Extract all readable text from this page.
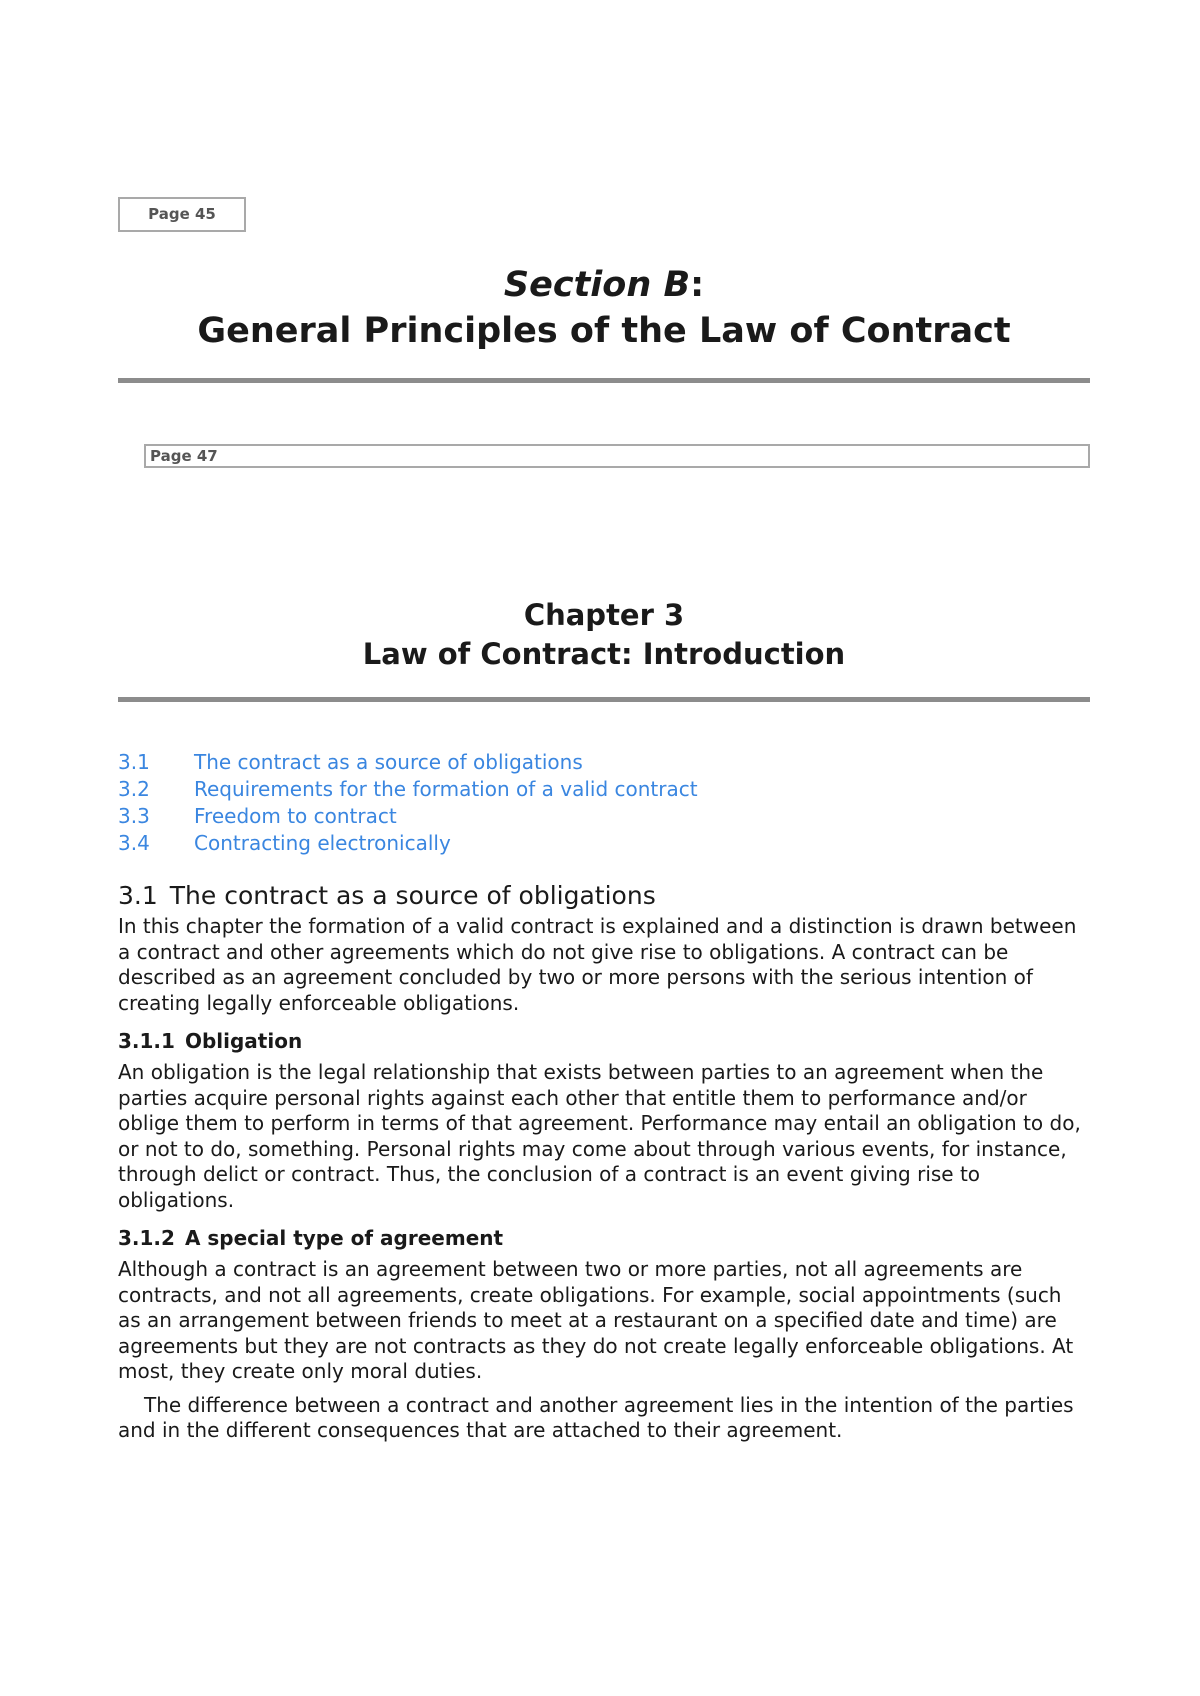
Page 45
Section B:
General Principles of the Law of Contract
Page 47
Chapter 3
Law of Contract: Introduction
3.1	The contract as a source of obligations
3.2	Requirements for the formation of a valid contract
3.3	Freedom to contract
3.4	Contracting electronically
3.1 The contract as a source of obligations

In this chapter the formation of a valid contract is explained and a distinction is drawn between a contract and other agreements which do not give rise to obligations. A contract can be described as an agreement concluded by two or more persons with the serious intention of creating legally enforceable obligations.

3.1.1 Obligation

An obligation is the legal relationship that exists between parties to an agreement when the parties acquire personal rights against each other that entitle them to performance and/or oblige them to perform in terms of that agreement. Performance may entail an obligation to do, or not to do, something. Personal rights may come about through various events, for instance, through delict or contract. Thus, the conclusion of a contract is an event giving rise to obligations.

3.1.2 A special type of agreement

Although a contract is an agreement between two or more parties, not all agreements are contracts, and not all agreements, create obligations. For example, social appointments (such as an arrangement between friends to meet at a restaurant on a specified date and time) are agreements but they are not contracts as they do not create legally enforceable obligations. At most, they create only moral duties.

The difference between a contract and another agreement lies in the intention of the parties and in the different consequences that are attached to their agreement.
